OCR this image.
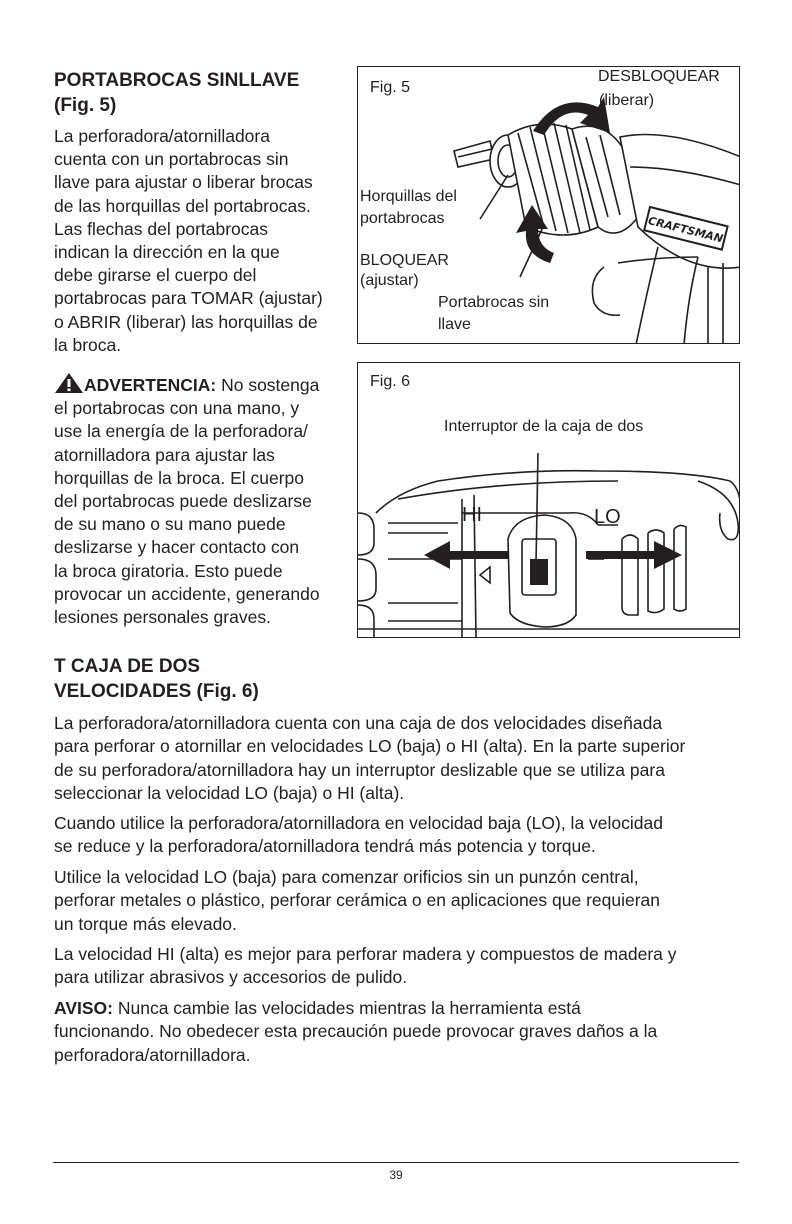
PORTABROCAS SINLLAVE
(Fig. 5)
La perforadora/atornilladora
cuenta con un portabrocas sin
llave para ajustar o liberar brocas
de las horquillas del portabrocas.
Las flechas del portabrocas
indican la dirección en la que
debe girarse el cuerpo del
portabrocas para TOMAR (ajustar)
o ABRIR (liberar) las horquillas de
la broca.
ADVERTENCIA: No sostenga
el portabrocas con una mano, y
use la energía de la perforadora/
atornilladora para ajustar las
horquillas de la broca. El cuerpo
del portabrocas puede deslizarse
de su mano o su mano puede
deslizarse y hacer contacto con
la broca giratoria. Esto puede
provocar un accidente, generando
lesiones personales graves.
CRAFTSMAN
Fig. 5
DESBLOQUEAR
(liberar)
Horquillas del
portabrocas
BLOQUEAR
(ajustar)
Portabrocas sin
llave
Fig. 6
Interruptor de la caja de dos
HI	LO
T CAJA DE DOS
VELOCIDADES (Fig. 6)
La perforadora/atornilladora cuenta con una caja de dos velocidades diseñada
para perforar o atornillar en velocidades LO (baja) o HI (alta). En la parte superior
de su perforadora/atornilladora hay un interruptor deslizable que se utiliza para
seleccionar la velocidad LO (baja) o HI (alta).
Cuando utilice la perforadora/atornilladora en velocidad baja (LO), la velocidad
se reduce y la perforadora/atornilladora tendrá más potencia y torque.
Utilice la velocidad LO (baja) para comenzar orificios sin un punzón central,
perforar metales o plástico, perforar cerámica o en aplicaciones que requieran
un torque más elevado.
La velocidad HI (alta) es mejor para perforar madera y compuestos de madera y
para utilizar abrasivos y accesorios de pulido.
AVISO: Nunca cambie las velocidades mientras la herramienta está
funcionando. No obedecer esta precaución puede provocar graves daños a la
perforadora/atornilladora.
39
